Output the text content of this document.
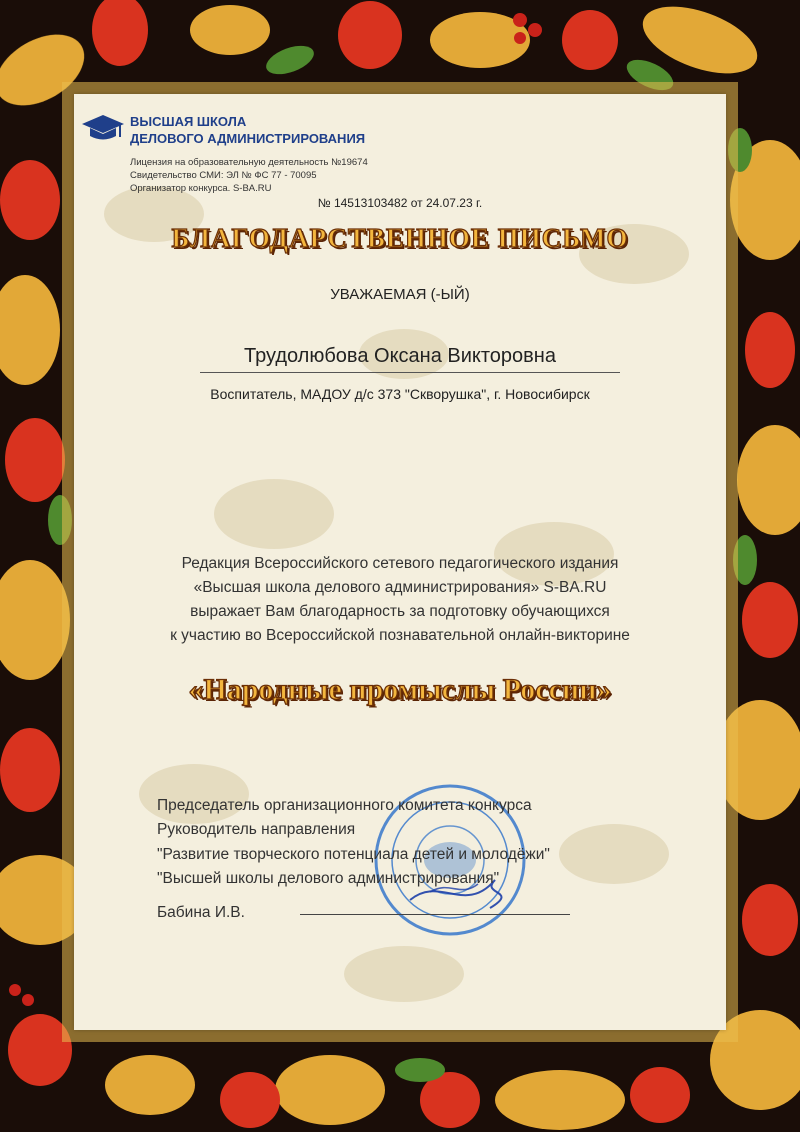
ВЫСШАЯ ШКОЛА
ДЕЛОВОГО АДМИНИСТРИРОВАНИЯ

Лицензия на образовательную деятельность №19674

Свидетельство СМИ: ЭЛ № ФС 77 - 70095

Организатор конкурса. S-BA.RU

№ 14513103482 от 24.07.23 г.
БЛАГОДАРСТВЕННОЕ ПИСЬМО
УВАЖАЕМАЯ (-ЫЙ)
Трудолюбова Оксана Викторовна
Воспитатель, МАДОУ д/с 373 "Скворушка", г. Новосибирск
Редакция Всероссийского сетевого педагогического издания
«Высшая школа делового администрирования» S-BA.RU
выражает Вам благодарность за подготовку обучающихся
к участию во Всероссийской познавательной онлайн-викторине
«Народные промыслы России»
Председатель организационного комитета конкурса
Руководитель направления
"Развитие творческого потенциала детей и молодёжи"
"Высшей школы делового администрирования"
Бабина И.В.
